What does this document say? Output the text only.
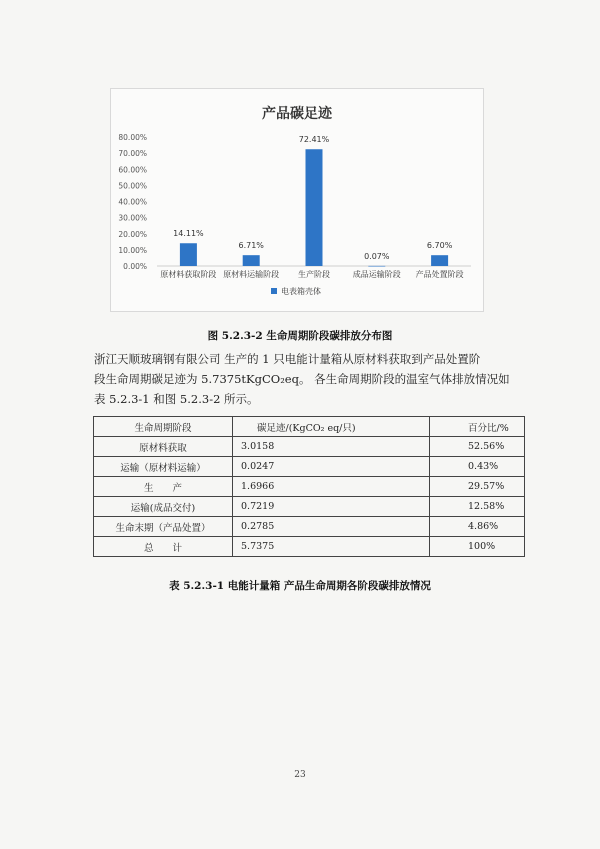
产品碳足迹
0.00%
10.00%
20.00%
30.00%
40.00%
50.00%
60.00%
70.00%
80.00%
14.11%
原材料获取阶段
6.71%
原材料运输阶段
72.41%
生产阶段
0.07%
成品运输阶段
6.70%
产品处置阶段
电表箱壳体
图 5.2.3-2 生命周期阶段碳排放分布图
浙江天顺玻璃钢有限公司 生产的 1 只电能计量箱从原材料获取到产品处置阶
段生命周期碳足迹为 5.7375tKgCO₂eq。 各生命周期阶段的温室气体排放情况如
表 5.2.3-1 和图 5.2.3-2 所示。
生命周期阶段	碳足迹/(KgCO₂ eq/只)	百分比/%
原材料获取	3.0158	52.56%
运输（原材料运输）	0.0247	0.43%
生　　产	1.6966	29.57%
运输(成品交付)	0.7219	12.58%
生命末期（产品处置）	0.2785	4.86%
总　　计	5.7375	100%
表 5.2.3-1 电能计量箱 产品生命周期各阶段碳排放情况
23
